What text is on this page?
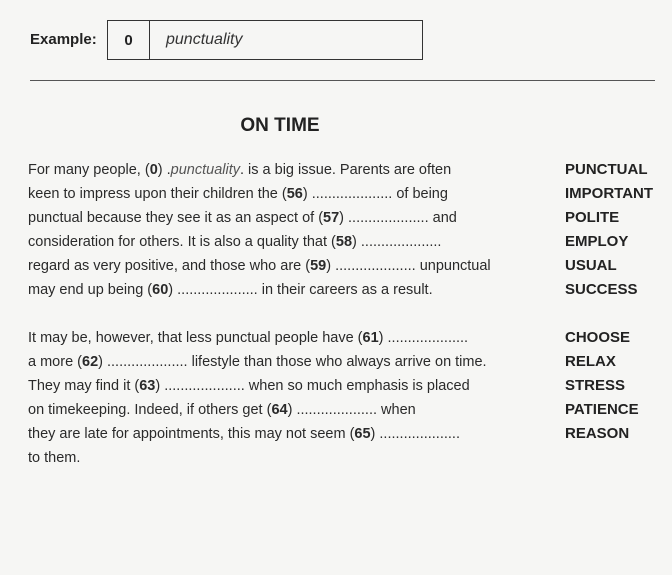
Example:	0	punctuality
ON TIME
For many people, (0) .punctuality. is a big issue. Parents are often
keen to impress upon their children the (56) .................... of being
punctual because they see it as an aspect of (57) .................... and
consideration for others. It is also a quality that (58) ....................
regard as very positive, and those who are (59) .................... unpunctual
may end up being (60) .................... in their careers as a result.
PUNCTUAL
IMPORTANT
POLITE
EMPLOY
USUAL
SUCCESS
It may be, however, that less punctual people have (61) ....................
a more (62) .................... lifestyle than those who always arrive on time.
They may find it (63) .................... when so much emphasis is placed
on timekeeping. Indeed, if others get (64) .................... when
they are late for appointments, this may not seem (65) ....................
to them.
CHOOSE
RELAX
STRESS
PATIENCE
REASON
